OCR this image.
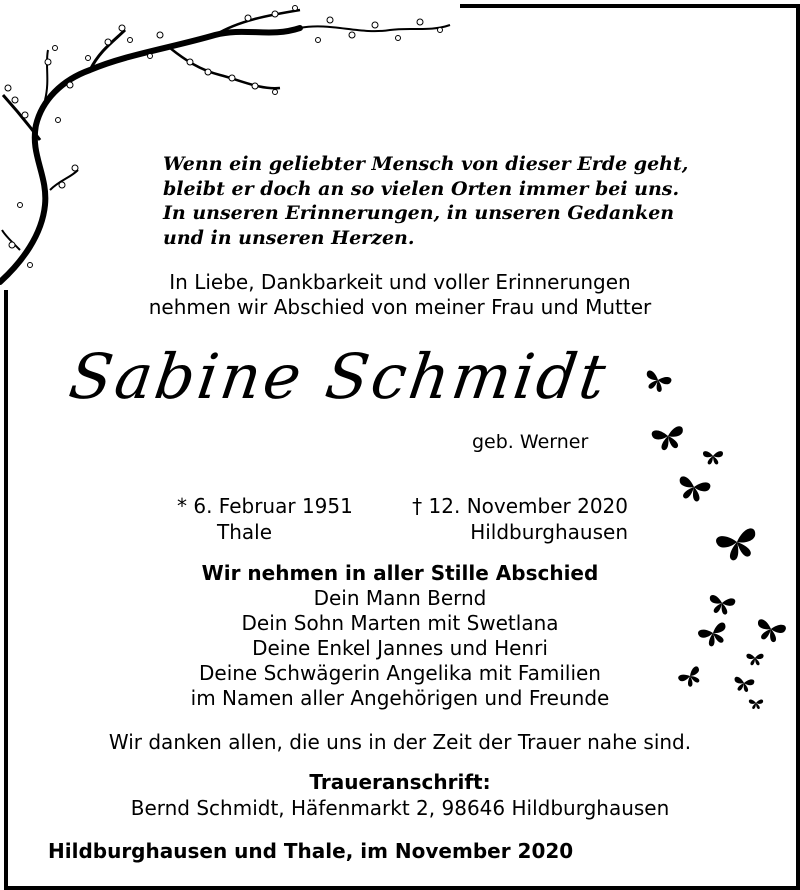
Wenn ein geliebter Mensch von dieser Erde geht,
bleibt er doch an so vielen Orten immer bei uns.
In unseren Erinnerungen, in unseren Gedanken
und in unseren Herzen.
In Liebe, Dankbarkeit und voller Erinnerungen
nehmen wir Abschied von meiner Frau und Mutter
Sabine Schmidt
geb. Werner
* 6. Februar 1951
Thale
† 12. November 2020
Hildburghausen
Wir nehmen in aller Stille Abschied
Dein Mann Bernd
Dein Sohn Marten mit Swetlana
Deine Enkel Jannes und Henri
Deine Schwägerin Angelika mit Familien
im Namen aller Angehörigen und Freunde
Wir danken allen, die uns in der Zeit der Trauer nahe sind.
Traueranschrift:
Bernd Schmidt, Häfenmarkt 2, 98646 Hildburghausen
Hildburghausen und Thale, im November 2020
